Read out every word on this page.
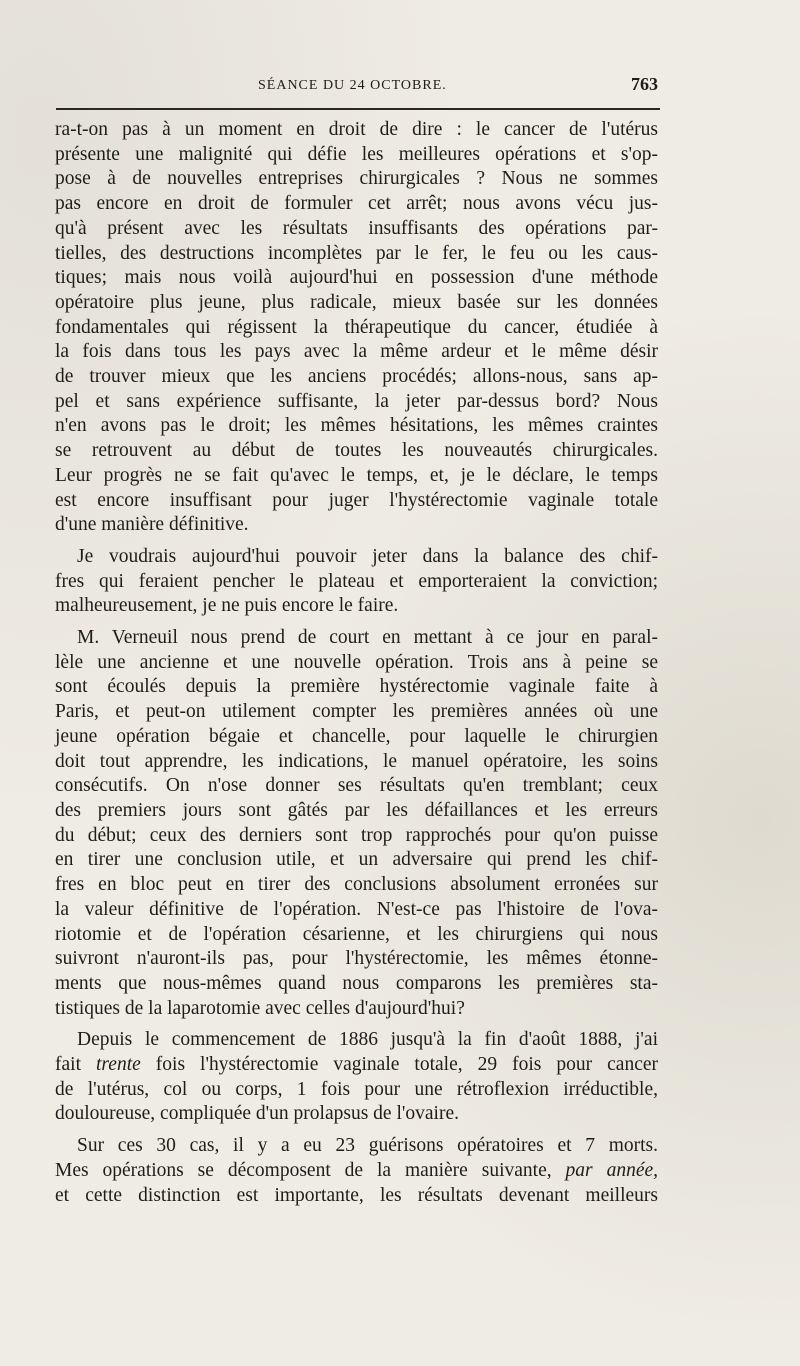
SÉANCE DU 24 OCTOBRE.	763

ra-t-on pas à un moment en droit de dire : le cancer de l'utérus
présente une malignité qui défie les meilleures opérations et s'op-
pose à de nouvelles entreprises chirurgicales ? Nous ne sommes
pas encore en droit de formuler cet arrêt; nous avons vécu jus-
qu'à présent avec les résultats insuffisants des opérations par-
tielles, des destructions incomplètes par le fer, le feu ou les caus-
tiques; mais nous voilà aujourd'hui en possession d'une méthode
opératoire plus jeune, plus radicale, mieux basée sur les données
fondamentales qui régissent la thérapeutique du cancer, étudiée à
la fois dans tous les pays avec la même ardeur et le même désir
de trouver mieux que les anciens procédés; allons-nous, sans ap-
pel et sans expérience suffisante, la jeter par-dessus bord? Nous
n'en avons pas le droit; les mêmes hésitations, les mêmes craintes
se retrouvent au début de toutes les nouveautés chirurgicales.
Leur progrès ne se fait qu'avec le temps, et, je le déclare, le temps
est encore insuffisant pour juger l'hystérectomie vaginale totale
d'une manière définitive.

Je voudrais aujourd'hui pouvoir jeter dans la balance des chif-
fres qui feraient pencher le plateau et emporteraient la conviction;
malheureusement, je ne puis encore le faire.

M. Verneuil nous prend de court en mettant à ce jour en paral-
lèle une ancienne et une nouvelle opération. Trois ans à peine se
sont écoulés depuis la première hystérectomie vaginale faite à
Paris, et peut-on utilement compter les premières années où une
jeune opération bégaie et chancelle, pour laquelle le chirurgien
doit tout apprendre, les indications, le manuel opératoire, les soins
consécutifs. On n'ose donner ses résultats qu'en tremblant; ceux
des premiers jours sont gâtés par les défaillances et les erreurs
du début; ceux des derniers sont trop rapprochés pour qu'on puisse
en tirer une conclusion utile, et un adversaire qui prend les chif-
fres en bloc peut en tirer des conclusions absolument erronées sur
la valeur définitive de l'opération. N'est-ce pas l'histoire de l'ova-
riotomie et de l'opération césarienne, et les chirurgiens qui nous
suivront n'auront-ils pas, pour l'hystérectomie, les mêmes étonne-
ments que nous-mêmes quand nous comparons les premières sta-
tistiques de la laparotomie avec celles d'aujourd'hui?

Depuis le commencement de 1886 jusqu'à la fin d'août 1888, j'ai
fait trente fois l'hystérectomie vaginale totale, 29 fois pour cancer
de l'utérus, col ou corps, 1 fois pour une rétroflexion irréductible,
douloureuse, compliquée d'un prolapsus de l'ovaire.

Sur ces 30 cas, il y a eu 23 guérisons opératoires et 7 morts.
Mes opérations se décomposent de la manière suivante, par année,
et cette distinction est importante, les résultats devenant meilleurs
